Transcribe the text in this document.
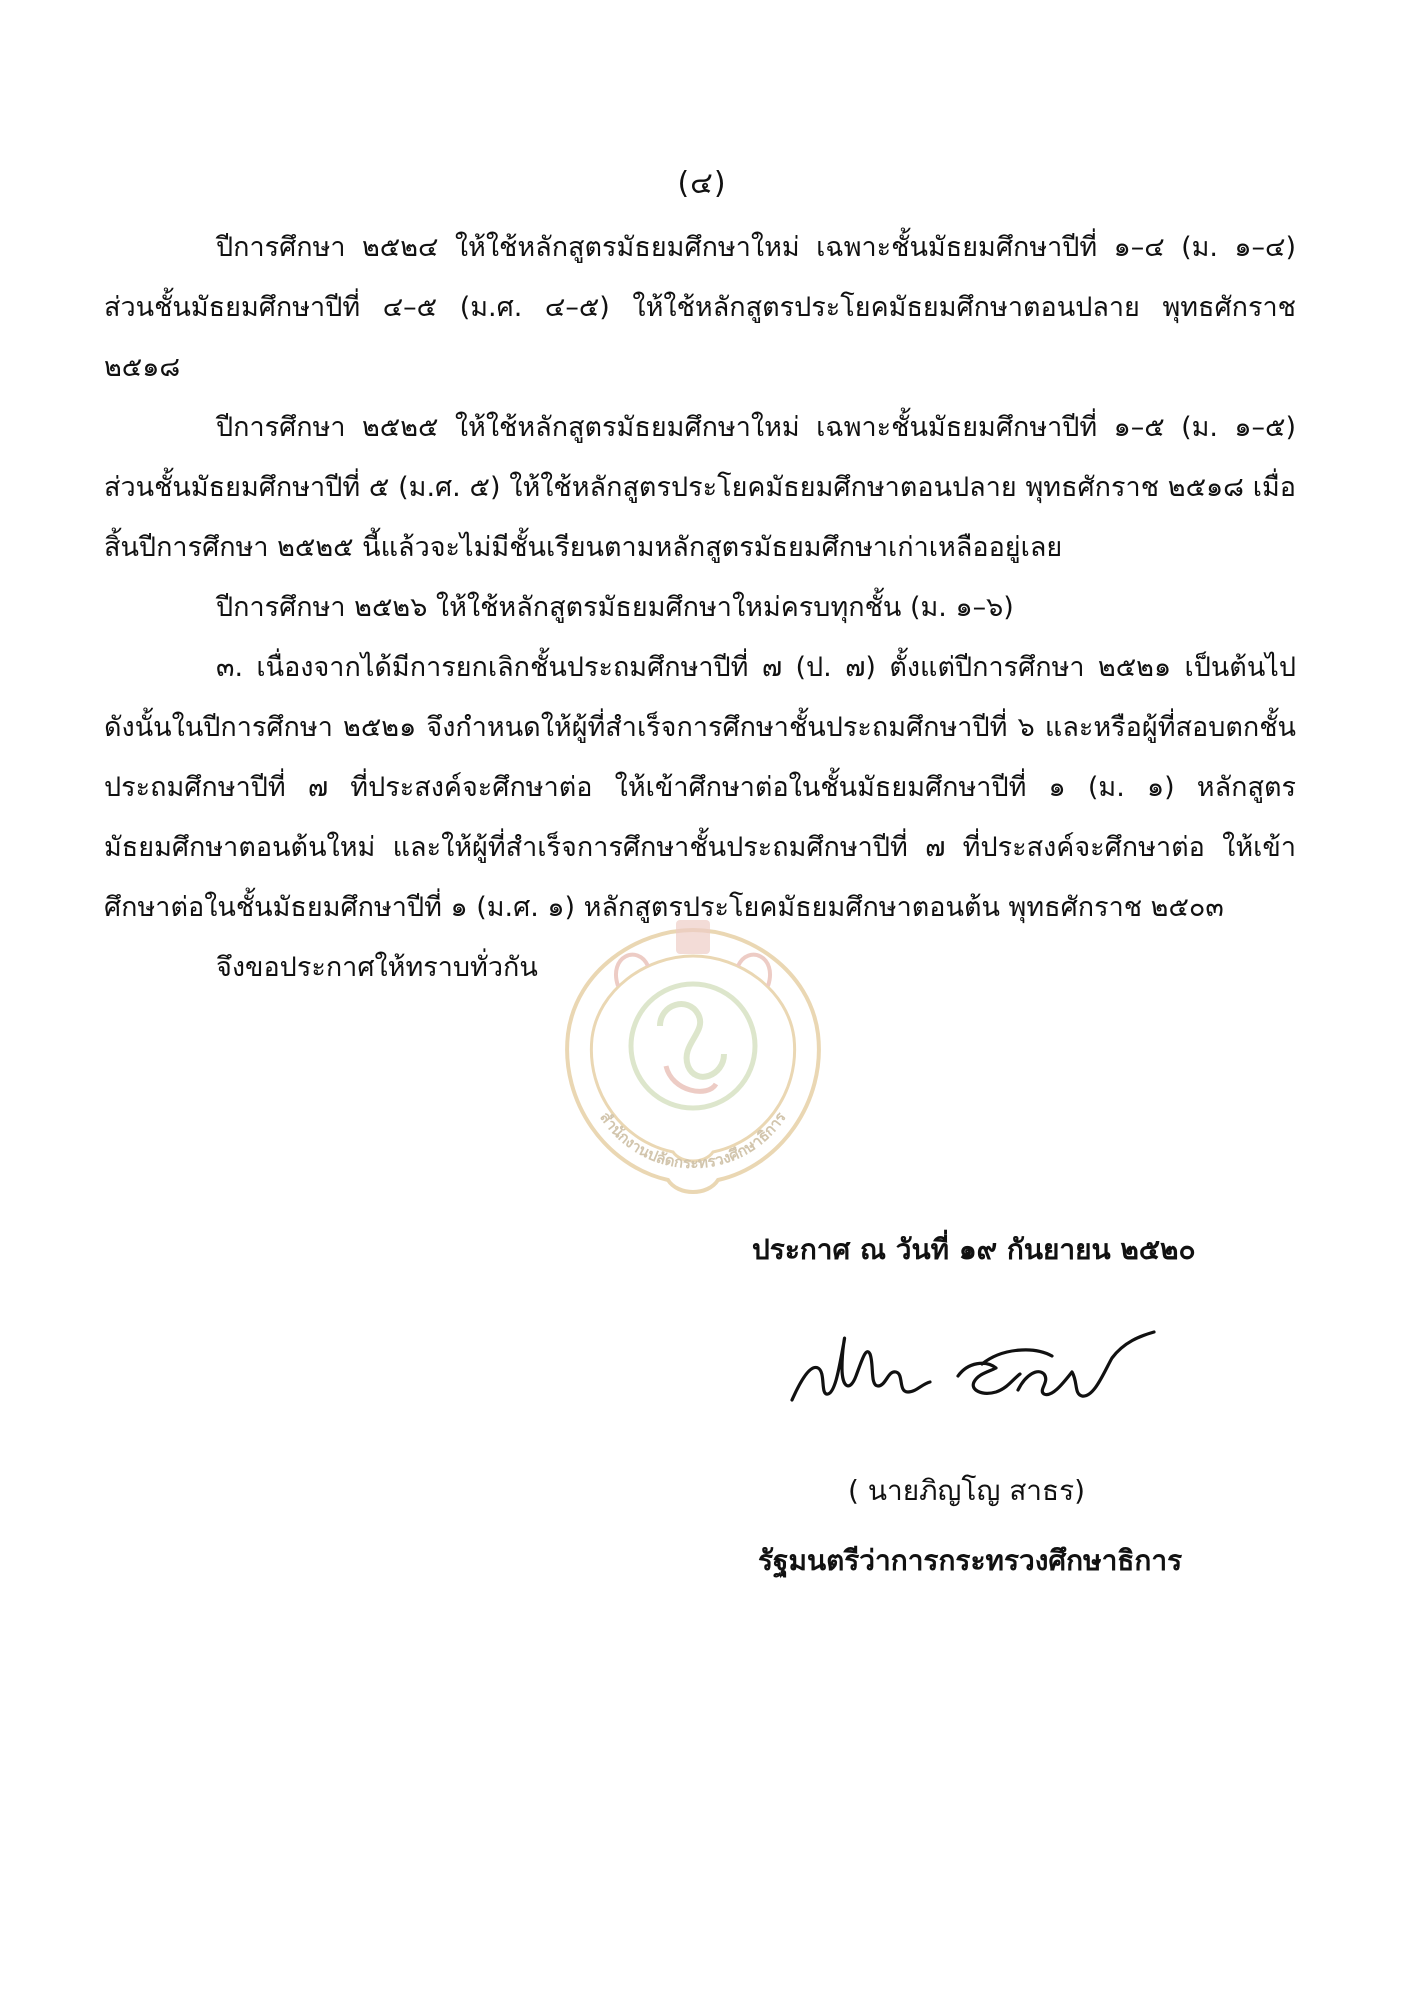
(๔)

ปีการศึกษา ๒๕๒๔ ให้ใช้หลักสูตรมัธยมศึกษาใหม่ เฉพาะชั้นมัธยมศึกษาปีที่ ๑–๔ (ม. ๑–๔) ส่วนชั้นมัธยมศึกษาปีที่ ๔–๕ (ม.ศ. ๔–๕) ให้ใช้หลักสูตรประโยคมัธยมศึกษาตอนปลาย พุทธศักราช ๒๕๑๘

ปีการศึกษา ๒๕๒๕ ให้ใช้หลักสูตรมัธยมศึกษาใหม่ เฉพาะชั้นมัธยมศึกษาปีที่ ๑–๕ (ม. ๑–๕) ส่วนชั้นมัธยมศึกษาปีที่ ๕ (ม.ศ. ๕) ให้ใช้หลักสูตรประโยคมัธยมศึกษาตอนปลาย พุทธศักราช ๒๕๑๘ เมื่อสิ้นปีการศึกษา ๒๕๒๕ นี้แล้วจะไม่มีชั้นเรียนตามหลักสูตรมัธยมศึกษาเก่าเหลืออยู่เลย

ปีการศึกษา ๒๕๒๖ ให้ใช้หลักสูตรมัธยมศึกษาใหม่ครบทุกชั้น (ม. ๑–๖)

๓. เนื่องจากได้มีการยกเลิกชั้นประถมศึกษาปีที่ ๗ (ป. ๗) ตั้งแต่ปีการศึกษา ๒๕๒๑ เป็นต้นไป ดังนั้นในปีการศึกษา ๒๕๒๑ จึงกำหนดให้ผู้ที่สำเร็จการศึกษาชั้นประถมศึกษาปีที่ ๖ และหรือผู้ที่สอบตกชั้นประถมศึกษาปีที่ ๗ ที่ประสงค์จะศึกษาต่อ ให้เข้าศึกษาต่อในชั้นมัธยมศึกษาปีที่ ๑ (ม. ๑) หลักสูตรมัธยมศึกษาตอนต้นใหม่ และให้ผู้ที่สำเร็จการศึกษาชั้นประถมศึกษาปีที่ ๗ ที่ประสงค์จะศึกษาต่อ ให้เข้าศึกษาต่อในชั้นมัธยมศึกษาปีที่ ๑ (ม.ศ. ๑) หลักสูตรประโยคมัธยมศึกษาตอนต้น พุทธศักราช ๒๕๐๓

จึงขอประกาศให้ทราบทั่วกัน

สำนักงานปลัดกระทรวงศึกษาธิการ
ประกาศ ณ วันที่ ๑๙ กันยายน ๒๕๒๐
( นายภิญโญ สาธร)
รัฐมนตรีว่าการกระทรวงศึกษาธิการ
